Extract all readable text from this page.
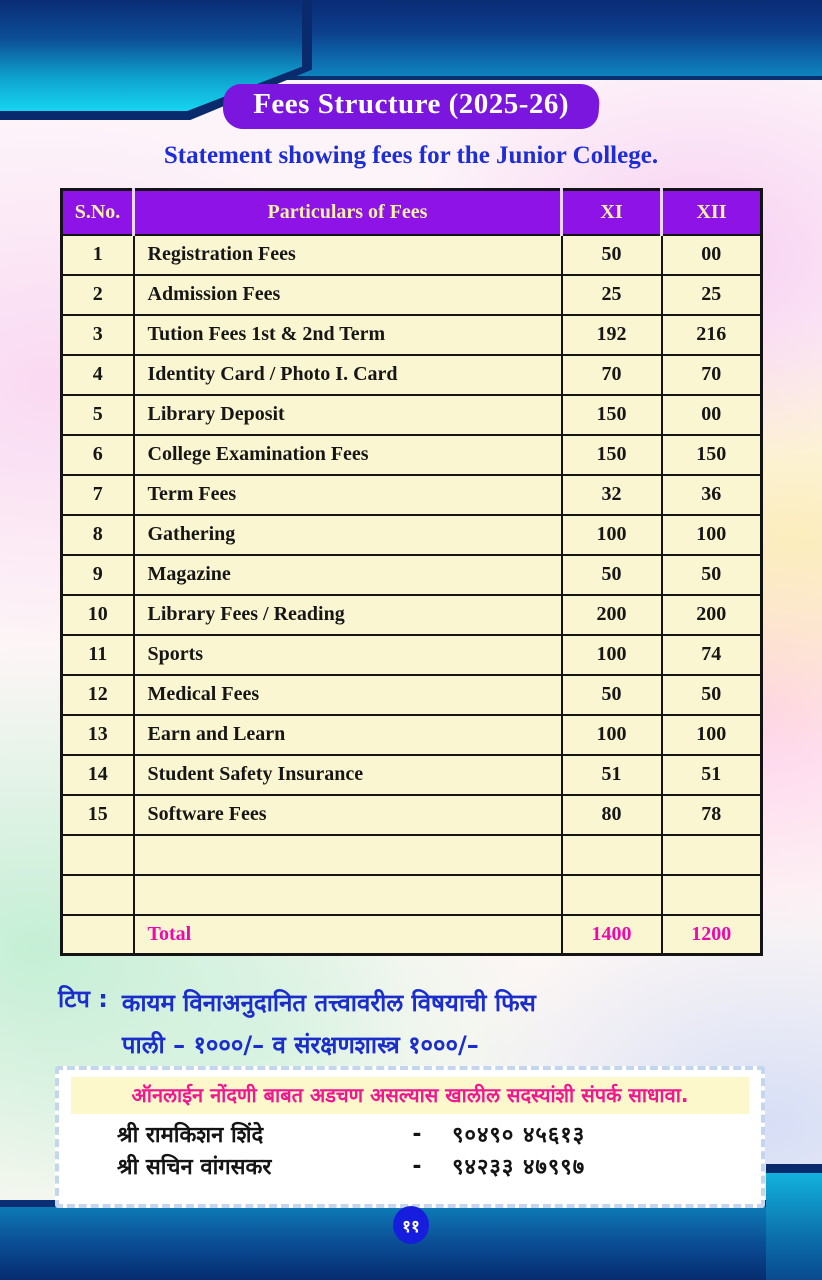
Fees Structure (2025-26)
Statement showing fees for the Junior College.
S.No.	Particulars of Fees	XI	XII
1	Registration Fees	50	00
2	Admission Fees	25	25
3	Tution Fees 1st & 2nd Term	192	216
4	Identity Card / Photo I. Card	70	70
5	Library Deposit	150	00
6	College Examination Fees	150	150
7	Term Fees	32	36
8	Gathering	100	100
9	Magazine	50	50
10	Library Fees / Reading	200	200
11	Sports	100	74
12	Medical Fees	50	50
13	Earn and Learn	100	100
14	Student Safety Insurance	51	51
15	Software Fees	80	78

	Total	1400	1200
टिप : कायम विनाअनुदानित तत्त्वावरील विषयाची फिस
पाली – १०००/– व संरक्षणशास्त्र १०००/–
ऑनलाईन नोंदणी बाबत अडचण असल्यास खालील सदस्यांशी संपर्क साधावा.
श्री रामकिशन शिंदे	-	९०४९० ४५६१३
श्री सचिन वांगसकर	-	९४२३३ ४७९९७
११
